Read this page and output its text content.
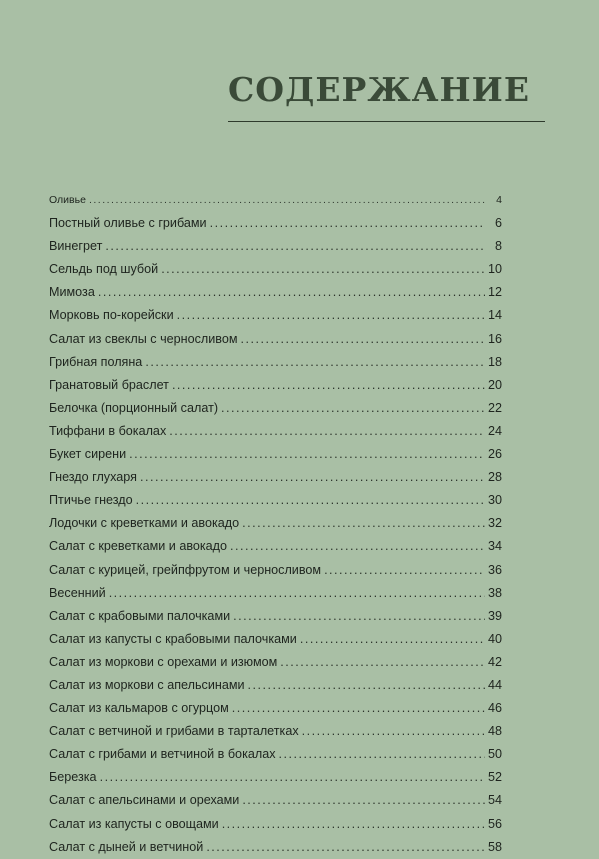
СОДЕРЖАНИЕ
Оливье .....	4
Постный оливье с грибами .....	6
Винегрет .....	8
Сельдь под шубой .....	10
Мимоза .....	12
Морковь по-корейски .....	14
Салат из свеклы с черносливом .....	16
Грибная поляна .....	18
Гранатовый браслет .....	20
Белочка (порционный салат) .....	22
Тиффани в бокалах .....	24
Букет сирени .....	26
Гнездо глухаря .....	28
Птичье гнездо .....	30
Лодочки с креветками и авокадо .....	32
Салат с креветками и авокадо .....	34
Салат с курицей, грейпфрутом и черносливом .....	36
Весенний .....	38
Салат с крабовыми палочками .....	39
Салат из капусты с крабовыми палочками .....	40
Салат из моркови с орехами и изюмом .....	42
Салат из моркови с апельсинами .....	44
Салат из кальмаров с огурцом .....	46
Салат с ветчиной и грибами в тарталетках .....	48
Салат с грибами и ветчиной в бокалах .....	50
Березка .....	52
Салат с апельсинами и орехами .....	54
Салат из капусты с овощами .....	56
Салат с дыней и ветчиной .....	58
